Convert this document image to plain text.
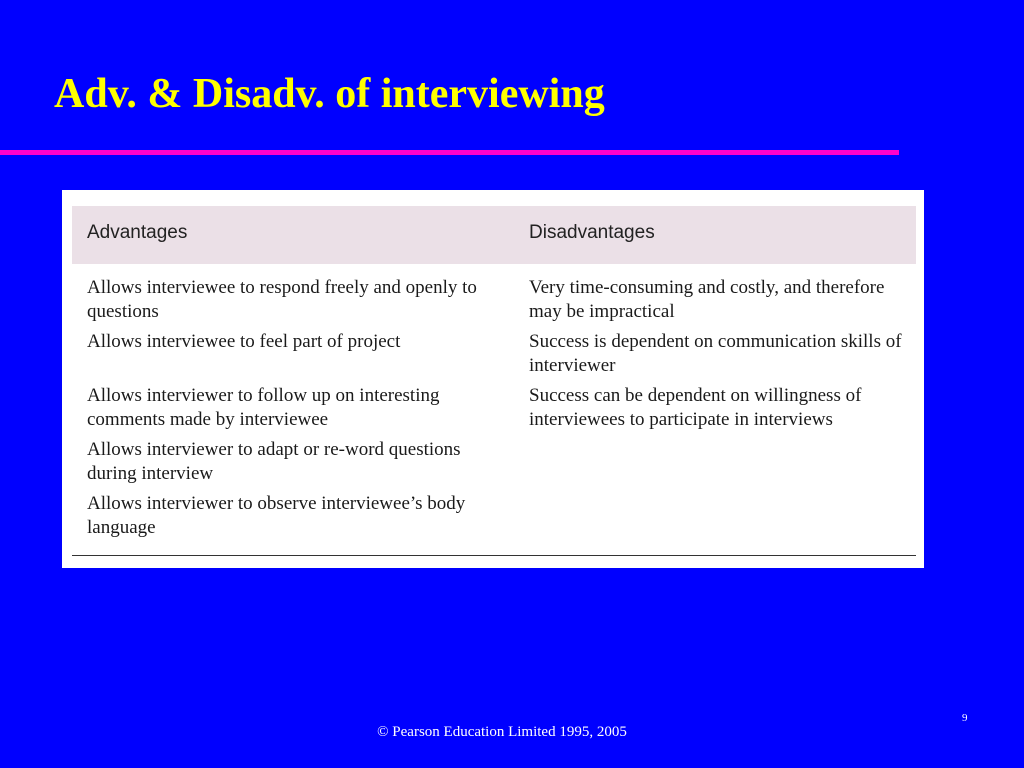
Adv. & Disadv. of interviewing
Advantages	Disadvantages

Allows interviewee to respond freely and openly to questions

Allows interviewee to feel part of project

Allows interviewer to follow up on interesting comments made by interviewee

Allows interviewer to adapt or re-word questions during interview

Allows interviewer to observe interviewee’s body language

Very time-consuming and costly, and therefore may be impractical

Success is dependent on communication skills of interviewer

Success can be dependent on willingness of interviewees to participate in interviews

9
© Pearson Education Limited 1995, 2005
